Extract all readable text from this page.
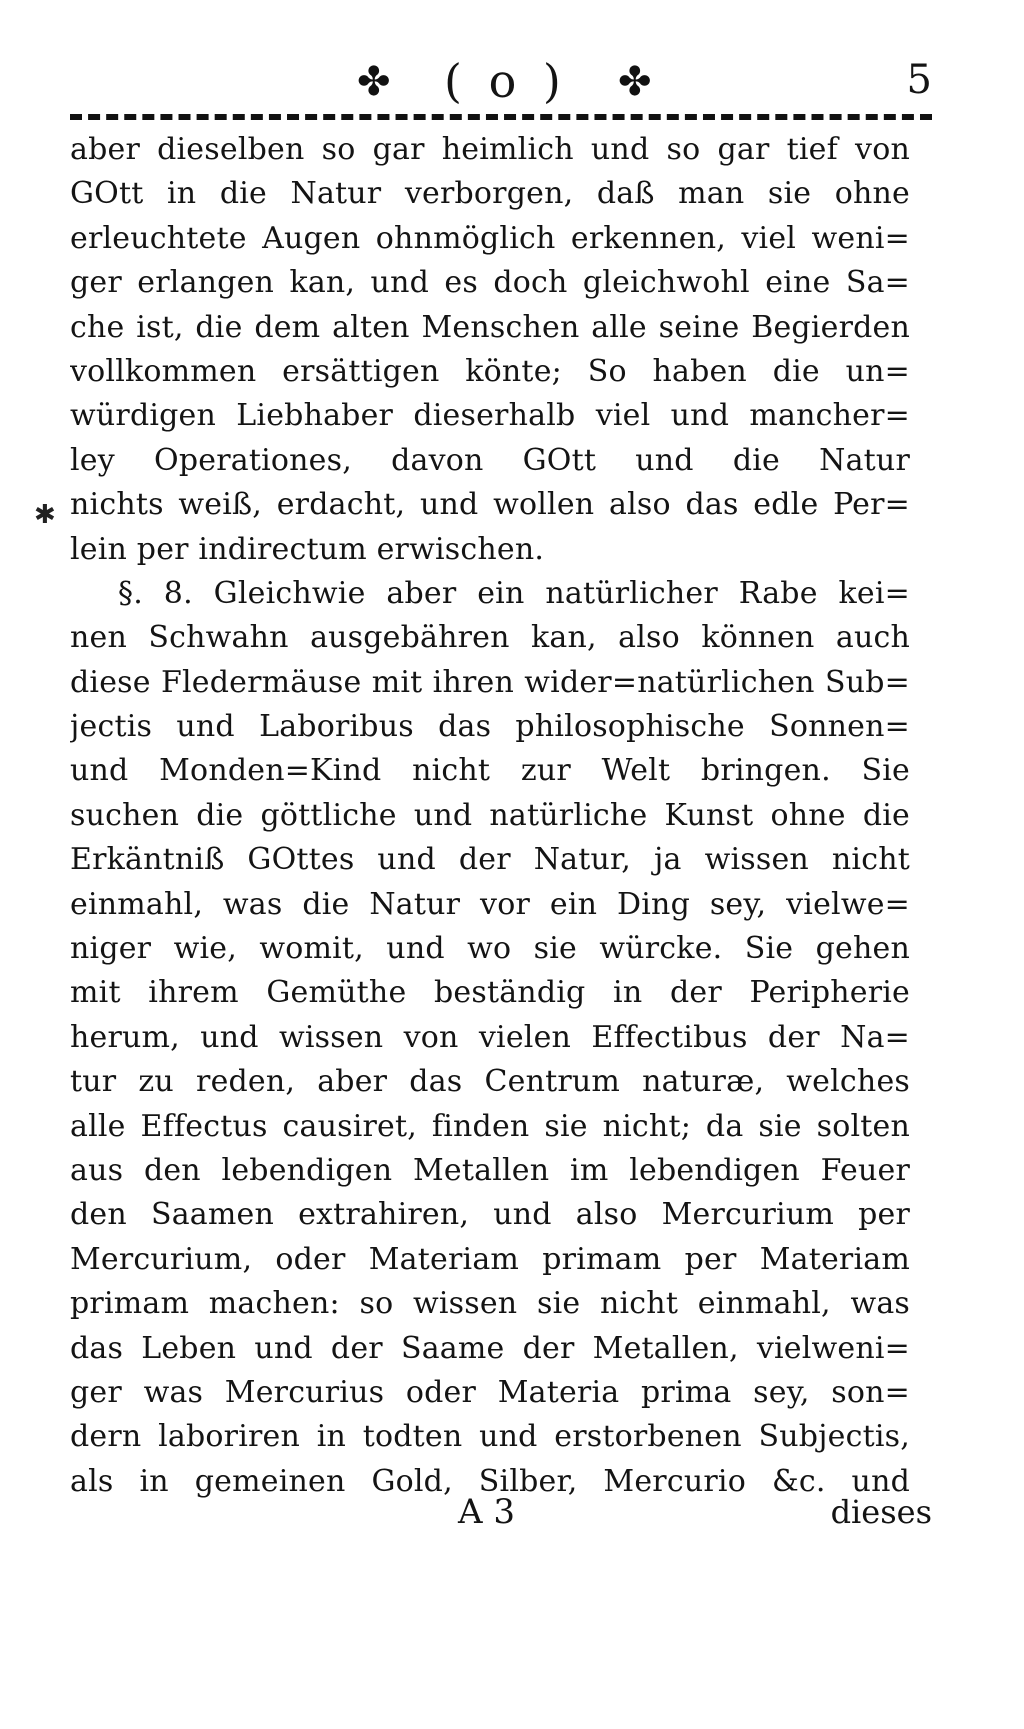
✤ ( o ) ✤	5
✱
aber dieselben so gar heimlich und so gar tief von
GOtt in die Natur verborgen, daß man sie ohne
erleuchtete Augen ohnmöglich erkennen, viel weni=
ger erlangen kan, und es doch gleichwohl eine Sa=
che ist, die dem alten Menschen alle seine Begierden
vollkommen ersättigen könte; So haben die un=
würdigen Liebhaber dieserhalb viel und mancher=
ley Operationes, davon GOtt und die Natur
nichts weiß, erdacht, und wollen also das edle Per=
lein per indirectum erwischen.
§. 8. Gleichwie aber ein natürlicher Rabe kei=
nen Schwahn ausgebähren kan, also können auch
diese Fledermäuse mit ihren wider=natürlichen Sub=
jectis und Laboribus das philosophische Sonnen=
und Monden=Kind nicht zur Welt bringen. Sie
suchen die göttliche und natürliche Kunst ohne die
Erkäntniß GOttes und der Natur, ja wissen nicht
einmahl, was die Natur vor ein Ding sey, vielwe=
niger wie, womit, und wo sie würcke. Sie gehen
mit ihrem Gemüthe beständig in der Peripherie
herum, und wissen von vielen Effectibus der Na=
tur zu reden, aber das Centrum naturæ, welches
alle Effectus causiret, finden sie nicht; da sie solten
aus den lebendigen Metallen im lebendigen Feuer
den Saamen extrahiren, und also Mercurium per
Mercurium, oder Materiam primam per Materiam
primam machen: so wissen sie nicht einmahl, was
das Leben und der Saame der Metallen, vielweni=
ger was Mercurius oder Materia prima sey, son=
dern laboriren in todten und erstorbenen Subjectis,
als in gemeinen Gold, Silber, Mercurio &c. und
A 3	dieses
